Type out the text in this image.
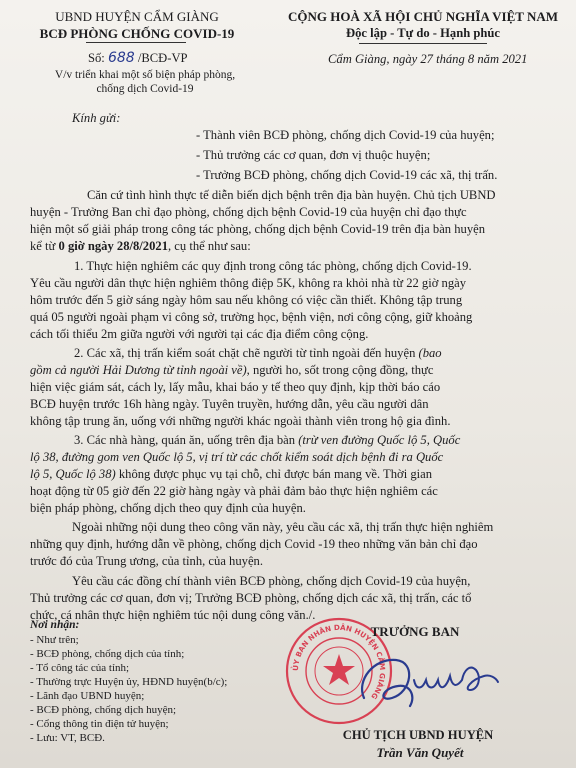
UBND HUYỆN CẨM GIÀNG
BCĐ PHÒNG CHỐNG COVID-19
Số: 688 /BCĐ-VP
V/v triển khai một số biện pháp phòng,
chống dịch Covid-19
CỘNG HOÀ XÃ HỘI CHỦ NGHĨA VIỆT NAM
Độc lập - Tự do - Hạnh phúc
Cẩm Giàng, ngày 27 tháng 8 năm 2021
Kính gửi:
- Thành viên BCĐ phòng, chống dịch Covid-19 của huyện;
- Thủ trưởng các cơ quan, đơn vị thuộc huyện;
- Trưởng BCĐ phòng, chống dịch Covid-19 các xã, thị trấn.
Căn cứ tình hình thực tế diễn biến dịch bệnh trên địa bàn huyện. Chủ tịch UBND
huyện - Trưởng Ban chỉ đạo phòng, chống dịch bệnh Covid-19 của huyện chỉ đạo thực
hiện một số giải pháp trong công tác phòng, chống dịch bệnh Covid-19 trên địa bàn huyện
kể từ 0 giờ ngày 28/8/2021, cụ thể như sau:
1. Thực hiện nghiêm các quy định trong công tác phòng, chống dịch Covid-19.
Yêu cầu người dân thực hiện nghiêm thông điệp 5K, không ra khỏi nhà từ 22 giờ ngày
hôm trước đến 5 giờ sáng ngày hôm sau nếu không có việc cần thiết. Không tập trung
quá 05 người ngoài phạm vi công sở, trường học, bệnh viện, nơi công cộng, giữ khoảng
cách tối thiểu 2m giữa người với người tại các địa điểm công cộng.
2. Các xã, thị trấn kiểm soát chặt chẽ người từ tỉnh ngoài đến huyện (bao
gồm cả người Hải Dương từ tỉnh ngoài về), người ho, sốt trong cộng đồng, thực
hiện việc giám sát, cách ly, lấy mẫu, khai báo y tế theo quy định, kịp thời báo cáo
BCĐ huyện trước 16h hàng ngày. Tuyên truyền, hướng dẫn, yêu cầu người dân
không tập trung ăn, uống với những người khác ngoài thành viên trong hộ gia đình.
3. Các nhà hàng, quán ăn, uống trên địa bàn (trừ ven đường Quốc lộ 5, Quốc
lộ 38, đường gom ven Quốc lộ 5, vị trí từ các chốt kiểm soát dịch bệnh đi ra Quốc
lộ 5, Quốc lộ 38) không được phục vụ tại chỗ, chỉ được bán mang về. Thời gian
hoạt động từ 05 giờ đến 22 giờ hàng ngày và phải đảm bảo thực hiện nghiêm các
biện pháp phòng, chống dịch theo quy định của huyện.
Ngoài những nội dung theo công văn này, yêu cầu các xã, thị trấn thực hiện nghiêm
những quy định, hướng dẫn về phòng, chống dịch Covid -19 theo những văn bản chỉ đạo
trước đó của Trung ương, của tỉnh, của huyện.
Yêu cầu các đồng chí thành viên BCĐ phòng, chống dịch Covid-19 của huyện,
Thủ trưởng các cơ quan, đơn vị; Trưởng BCĐ phòng, chống dịch các xã, thị trấn, các tổ
chức, cá nhân thực hiện nghiêm túc nội dung công văn./.
Nơi nhận:
- Như trên;
- BCĐ phòng, chống dịch của tỉnh;
- Tổ công tác của tỉnh;
- Thường trực Huyện ủy, HĐND huyện(b/c);
- Lãnh đạo UBND huyện;
- BCĐ phòng, chống dịch huyện;
- Cổng thông tin điện tử huyện;
- Lưu: VT, BCĐ.
ỦY BAN NHÂN DÂN HUYỆN CẨM GIÀNG
TRƯỞNG BAN
Quyết
CHỦ TỊCH UBND HUYỆN
Trần Văn Quyết
